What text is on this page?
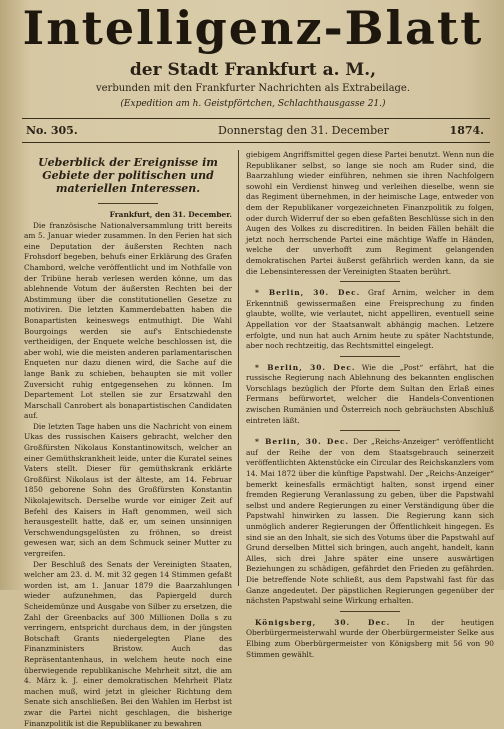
Intelligenz-Blatt
der Stadt Frankfurt a. M.,
verbunden mit den Frankfurter Nachrichten als Extrabeilage.
(Expedition am h. Geistpförtchen, Schlachthausgasse 21.)
No. 305.	Donnerstag den 31. December	1874.
Ueberblick der Ereignisse im Gebiete der politischen und materiellen Interessen.

Frankfurt, den 31. December.

Die französische Nationalversammlung tritt bereits am 5. Januar wieder zusammen. In den Ferien hat sich eine Deputation der äußersten Rechten nach Frohsdorf begeben, behufs einer Erklärung des Grafen Chambord, welche veröffentlicht und im Nothfalle von der Tribüne herab verlesen werden könne, um das ablehnende Votum der äußersten Rechten bei der Abstimmung über die constitutionellen Gesetze zu motiviren. Die letzten Kammerdebatten haben die Bonapartisten keineswegs entmuthigt. Die Wahl Bourgoings werden sie auf's Entschiedenste vertheidigen, der Enquete welche beschlossen ist, die aber wohl, wie die meisten anderen parlamentarischen Enqueten nur dazu dienen wird, die Sache auf die lange Bank zu schieben, behaupten sie mit voller Zuversicht ruhig entgegensehen zu können. Im Departement Lot stellen sie zur Ersatzwahl den Marschall Canrobert als bonapartistischen Candidaten auf.

Die letzten Tage haben uns die Nachricht von einem Ukas des russischen Kaisers gebracht, welcher den Großfürsten Nikolaus Konstantinowitsch, welcher an einer Gemüthskrankheit leide, unter die Kuratel seines Vaters stellt. Dieser für gemüthskrank erklärte Großfürst Nikolaus ist der älteste, am 14. Februar 1850 geborene Sohn des Großfürsten Konstantin Nikolajewitsch. Derselbe wurde vor einiger Zeit auf Befehl des Kaisers in Haft genommen, weil sich herausgestellt hatte, daß er, um seinen unsinnigen Verschwendungsgelüsten zu fröhnen, so dreist gewesen war, sich an dem Schmuck seiner Mutter zu vergreifen.

Der Beschluß des Senats der Vereinigten Staaten, welcher am 23. d. M. mit 32 gegen 14 Stimmen gefaßt worden ist, am 1. Januar 1879 die Baarzahlungen wieder aufzunehmen, das Papiergeld durch Scheidemünze und Ausgabe von Silber zu ersetzen, die Zahl der Greenbacks auf 300 Millionen Dolla s zu verringern, entspricht durchaus dem, in der jüngsten Botschaft Grants niedergelegten Plane des Finanzministers Bristow. Auch das Repräsentantenhaus, in welchem heute noch eine überwiegende republikanische Mehrheit sitzt, die am 4. März k. J. einer demokratischen Mehrheit Platz machen muß, wird jetzt in gleicher Richtung dem Senate sich anschließen. Bei den Wahlen im Herbst ist zwar die Partei nicht geschlagen, die bisherige Finanzpolitik ist die Republikaner zu bewahren

giebigem Angriffsmittel gegen diese Partei benutzt. Wenn nun die Republikaner selbst, so lange sie noch am Ruder sind, die Baarzahlung wieder einführen, nehmen sie ihren Nachfolgern sowohl ein Verdienst hinweg und verleihen dieselbe, wenn sie das Regiment übernehmen, in der heimische Lage, entweder von dem der Republikaner vorgezeichneten Finanzpolitik zu folgen, oder durch Widerruf der so eben gefaßten Beschlüsse sich in den Augen des Volkes zu discreditiren. In beiden Fällen behält die jetzt noch herrschende Partei eine mächtige Waffe in Händen, welche der unverhofft zum Regiment gelangenden demokratischen Partei äußerst gefährlich werden kann, da sie die Lebensinteressen der Vereinigten Staaten berührt.

* Berlin, 30. Dec. Graf Arnim, welcher in dem Erkenntniß gewissermaßen eine Freisprechung zu finden glaubte, wollte, wie verlautet, nicht appelliren, eventuell seine Appellation vor der Staatsanwalt abhängig machen. Letzere erfolgte, und nun hat auch Arnim heute zu später Nachtstunde, aber noch rechtzeitig, das Rechtsmittel eingelegt.

* Berlin, 30. Dec. Wie die „Post“ erfährt, hat die russische Regierung nach Ablehnung des bekannten englischen Vorschlags bezüglich der Pforte dem Sultan den Erlaß eines Fermans befürwortet, welcher die Handels-Conventionen zwischen Rumänien und Österreich noch gebräuchsten Abschluß eintreten läßt.

* Berlin, 30. Dec. Der „Reichs-Anzeiger“ veröffentlicht auf der Reihe der von dem Staatsgebrauch seinerzeit veröffentlichten Aktenstücke ein Circular des Reichskanzlers vom 14. Mai 1872 über die künftige Papstwahl. Der „Reichs-Anzeiger“ bemerkt keinesfalls ermächtigt halten, sonst irgend einer fremden Regierung Veranlassung zu geben, über die Papstwahl selbst und andere Regierungen zu einer Verständigung über die Papstwahl hinwirken zu lassen. Die Regierung kann sich unmöglich anderer Regierungen der Öffentlichkeit hingegen. Es sind sie an den Inhalt, sie sich des Votums über die Papstwahl auf Grund derselben Mittel sich bringen, auch angeht, handelt, kann Alles, sich drei Jahre später eine unsere auswärtigen Beziehungen zu schädigen, gefährdet den Frieden zu gefährden. Die betreffende Note schließt, aus dem Papstwahl fast für das Ganze angedeutet. Der päpstlichen Regierungen gegenüber der nächsten Papstwahl seine Wirkung erhalten.

Königsberg, 30. Dec. In der heutigen Oberbürgermeisterwahl wurde der Oberbürgermeister Selke aus Elbing zum Oberbürgermeister von Königsberg mit 56 von 90 Stimmen gewählt.
